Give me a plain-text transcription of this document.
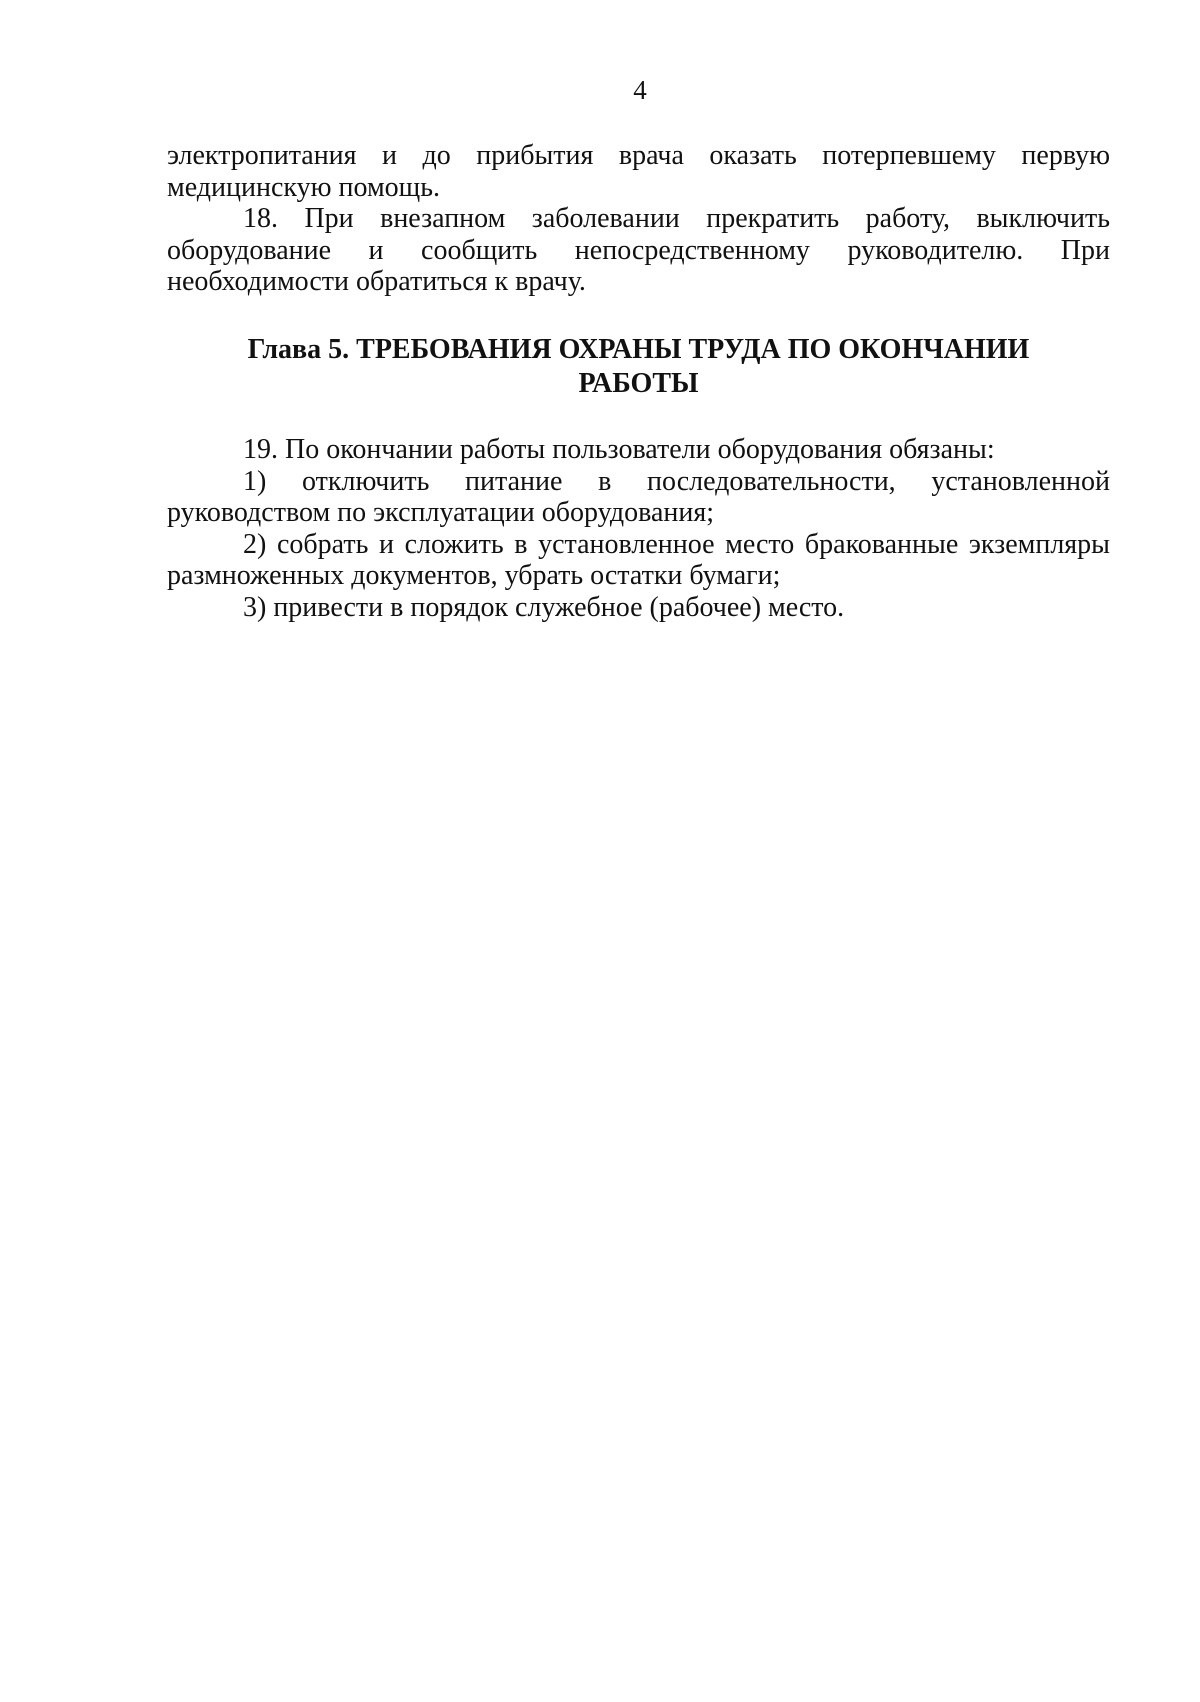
4

электропитания и до прибытия врача оказать потерпевшему первую медицинскую помощь.

18. При внезапном заболевании прекратить работу, выключить оборудование и сообщить непосредственному руководителю. При необходимости обратиться к врачу.

Глава 5. ТРЕБОВАНИЯ ОХРАНЫ ТРУДА ПО ОКОНЧАНИИ
РАБОТЫ

19. По окончании работы пользователи оборудования обязаны:

1) отключить питание в последовательности, установленной руководством по эксплуатации оборудования;

2) собрать и сложить в установленное место бракованные экземпляры размноженных документов, убрать остатки бумаги;

3) привести в порядок служебное (рабочее) место.
